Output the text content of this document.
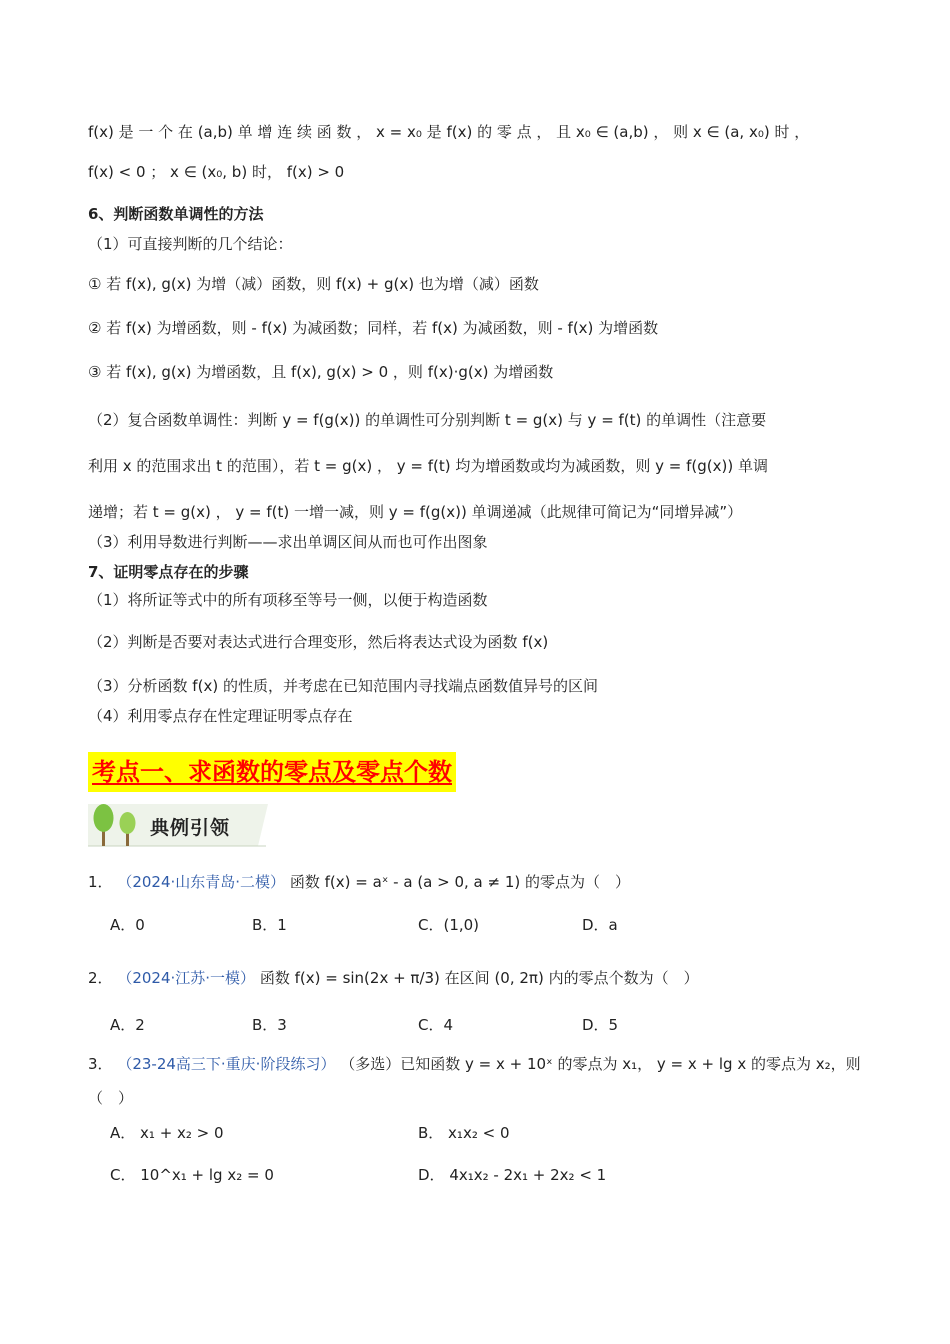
f(x) 是 一 个 在 (a,b) 单 增 连 续 函 数 ， x = x₀ 是 f(x) 的 零 点 ， 且 x₀ ∈ (a,b) ， 则 x ∈ (a, x₀) 时 ，
f(x) < 0 ； x ∈ (x₀, b) 时， f(x) > 0
6、判断函数单调性的方法
（1）可直接判断的几个结论：
① 若 f(x), g(x) 为增（减）函数，则 f(x) + g(x) 也为增（减）函数
② 若 f(x) 为增函数，则 - f(x) 为减函数；同样，若 f(x) 为减函数，则 - f(x) 为增函数
③ 若 f(x), g(x) 为增函数，且 f(x), g(x) > 0 ，则 f(x)·g(x) 为增函数
（2）复合函数单调性：判断 y = f(g(x)) 的单调性可分别判断 t = g(x) 与 y = f(t) 的单调性（注意要
利用 x 的范围求出 t 的范围），若 t = g(x) ， y = f(t) 均为增函数或均为减函数，则 y = f(g(x)) 单调
递增；若 t = g(x) ， y = f(t) 一增一减，则 y = f(g(x)) 单调递减（此规律可简记为“同增异减”）
（3）利用导数进行判断——求出单调区间从而也可作出图象
7、证明零点存在的步骤
（1）将所证等式中的所有项移至等号一侧，以便于构造函数
（2）判断是否要对表达式进行合理变形，然后将表达式设为函数 f(x)
（3）分析函数 f(x) 的性质，并考虑在已知范围内寻找端点函数值异号的区间
（4）利用零点存在性定理证明零点存在
考点一、求函数的零点及零点个数
典例引领
1． （2024·山东青岛·二模） 函数 f(x) = aˣ - a (a > 0, a ≠ 1) 的零点为（　）
A．0	B．1	C．(1,0)	D．a
2． （2024·江苏·一模） 函数 f(x) = sin(2x + π/3) 在区间 (0, 2π) 内的零点个数为（　）
A．2	B．3	C．4	D．5
3． （23-24高三下·重庆·阶段练习） （多选）已知函数 y = x + 10ˣ 的零点为 x₁， y = x + lg x 的零点为 x₂，则
（　）
A． x₁ + x₂ > 0	B． x₁x₂ < 0
C． 10^x₁ + lg x₂ = 0	D． 4x₁x₂ - 2x₁ + 2x₂ < 1
